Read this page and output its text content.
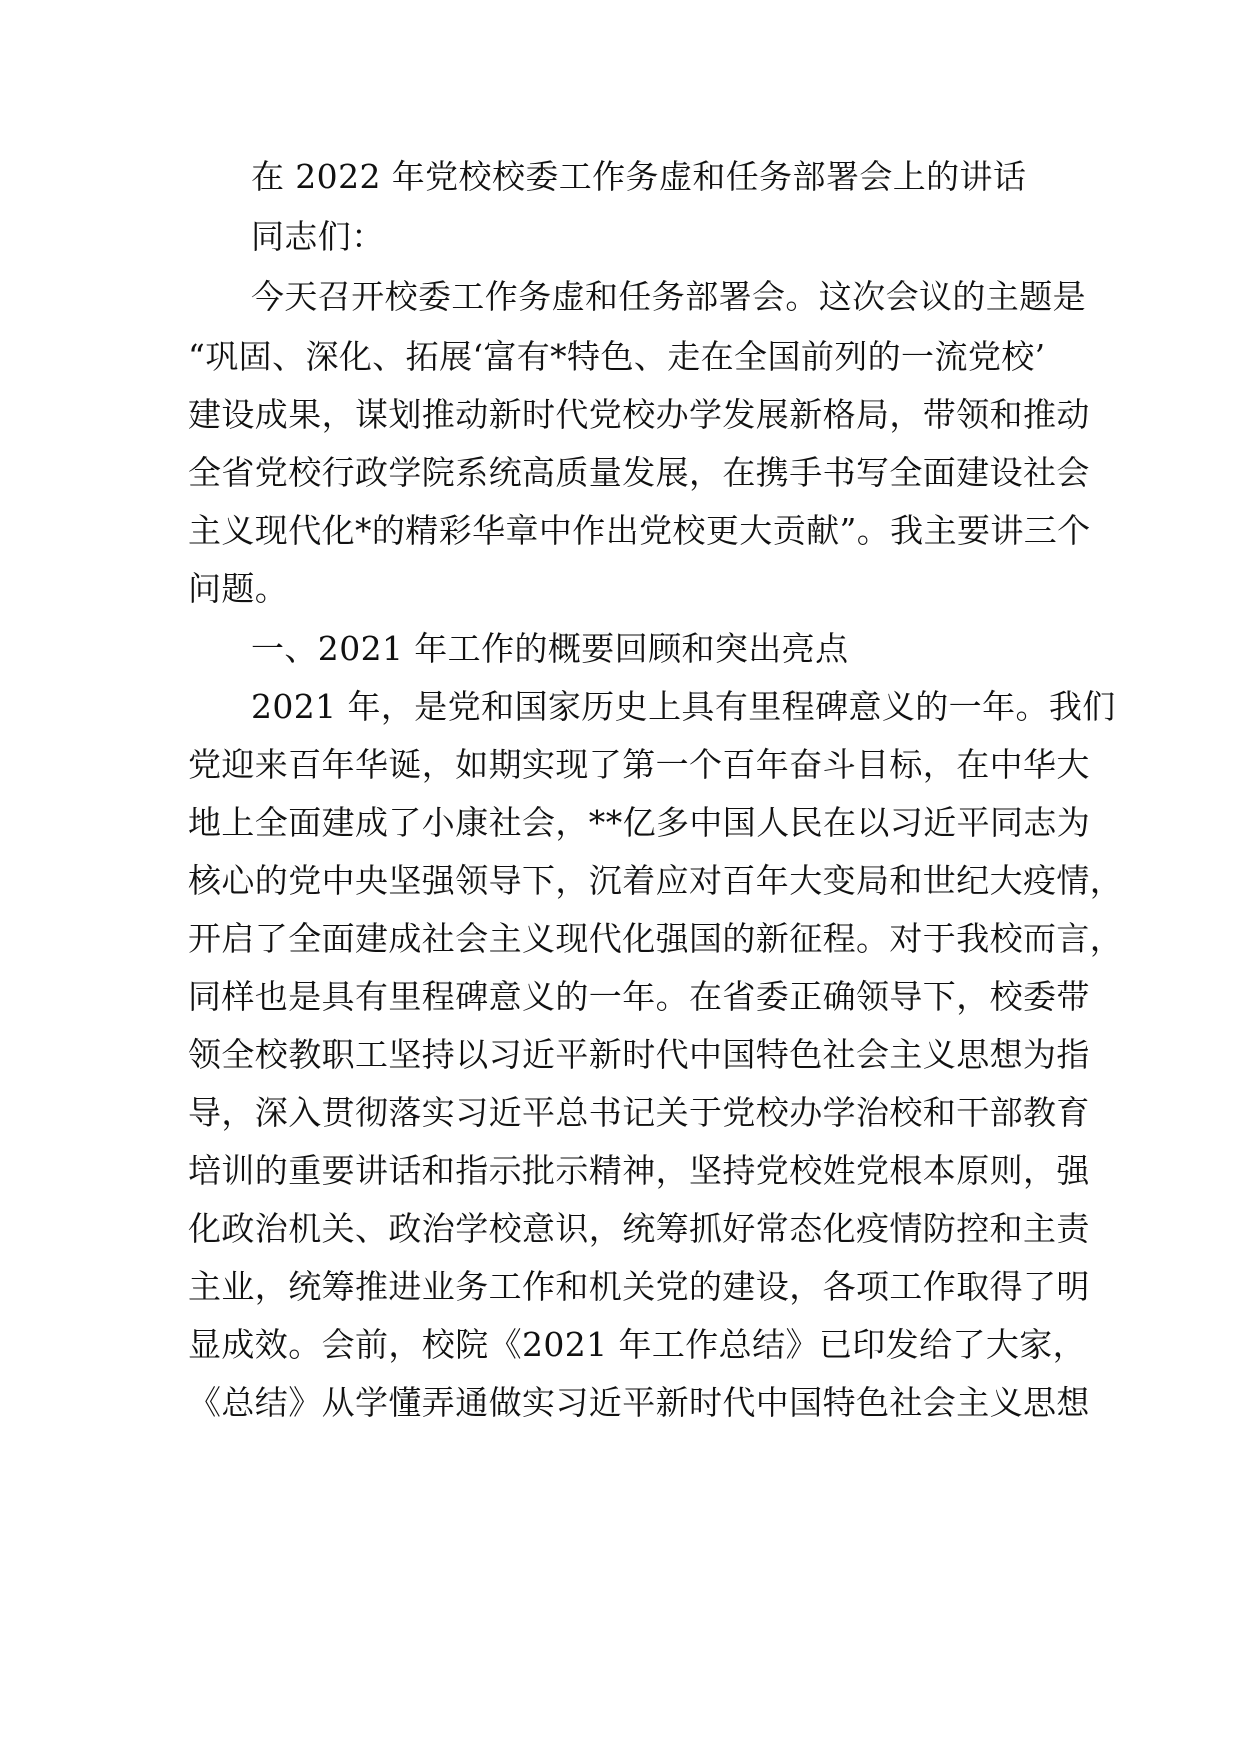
在 2022 年党校校委工作务虚和任务部署会上的讲话
同志们：
今天召开校委工作务虚和任务部署会。这次会议的主题是
“巩固、深化、拓展‘富有*特色、走在全国前列的一流党校’
建设成果，谋划推动新时代党校办学发展新格局，带领和推动
全省党校行政学院系统高质量发展，在携手书写全面建设社会
主义现代化*的精彩华章中作出党校更大贡献”。我主要讲三个
问题。
一、2021 年工作的概要回顾和突出亮点
2021 年，是党和国家历史上具有里程碑意义的一年。我们
党迎来百年华诞，如期实现了第一个百年奋斗目标，在中华大
地上全面建成了小康社会，**亿多中国人民在以习近平同志为
核心的党中央坚强领导下，沉着应对百年大变局和世纪大疫情，
开启了全面建成社会主义现代化强国的新征程。对于我校而言，
同样也是具有里程碑意义的一年。在省委正确领导下，校委带
领全校教职工坚持以习近平新时代中国特色社会主义思想为指
导，深入贯彻落实习近平总书记关于党校办学治校和干部教育
培训的重要讲话和指示批示精神，坚持党校姓党根本原则，强
化政治机关、政治学校意识，统筹抓好常态化疫情防控和主责
主业，统筹推进业务工作和机关党的建设，各项工作取得了明
显成效。会前，校院《2021 年工作总结》已印发给了大家，
《总结》从学懂弄通做实习近平新时代中国特色社会主义思想
